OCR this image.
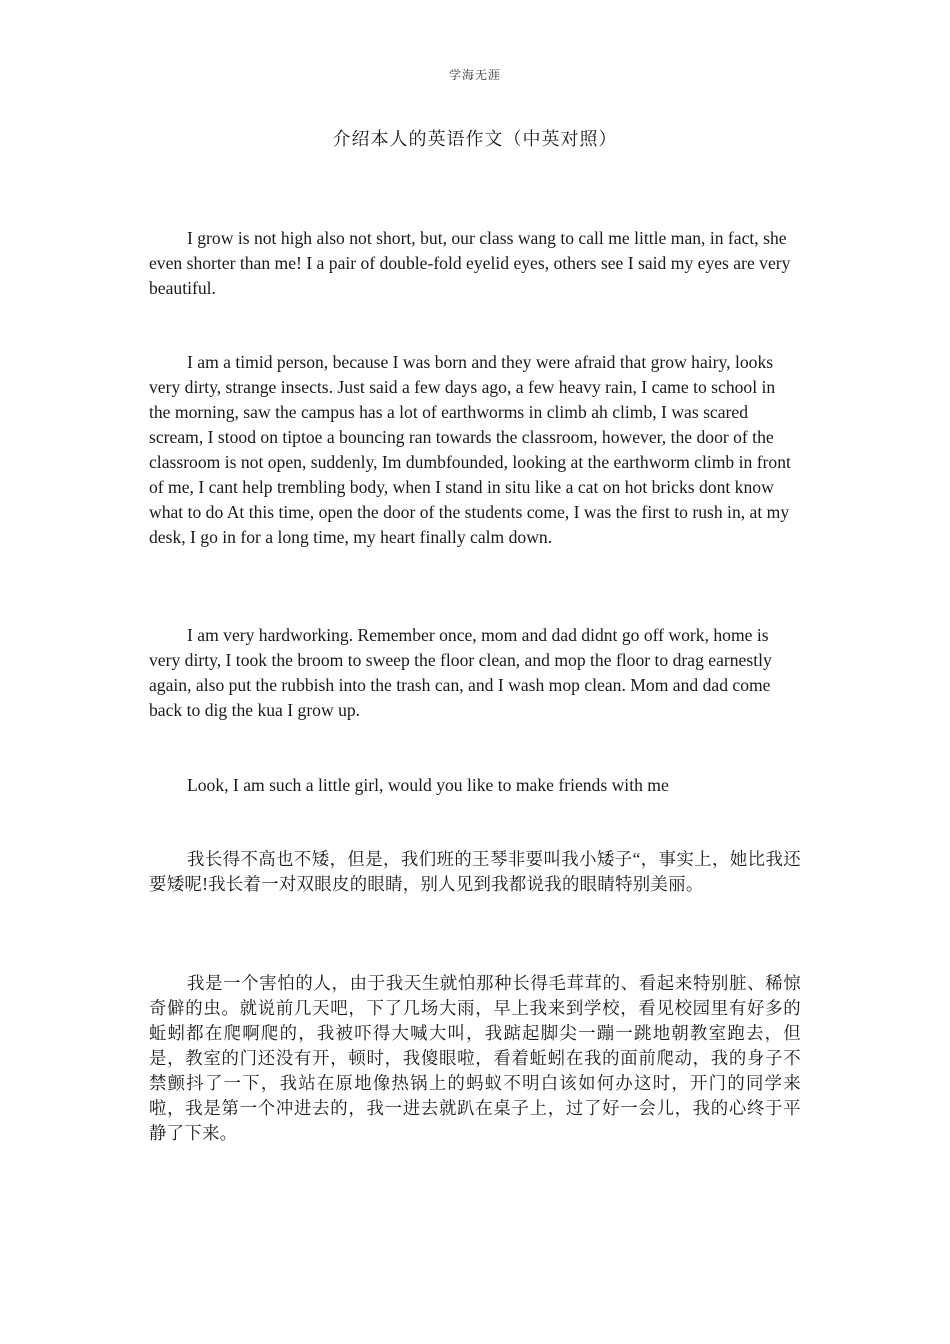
学海无涯
介绍本人的英语作文（中英对照）

I grow is not high also not short, but, our class wang to call me little man, in fact, she even shorter than me! I a pair of double-fold eyelid eyes, others see I said my eyes are very beautiful.

I am a timid person, because I was born and they were afraid that grow hairy, looks very dirty, strange insects. Just said a few days ago, a few heavy rain, I came to school in the morning, saw the campus has a lot of earthworms in climb ah climb, I was scared scream, I stood on tiptoe a bouncing ran towards the classroom, however, the door of the classroom is not open, suddenly, Im dumbfounded, looking at the earthworm climb in front of me, I cant help trembling body, when I stand in situ like a cat on hot bricks dont know what to do At this time, open the door of the students come, I was the first to rush in, at my desk, I go in for a long time, my heart finally calm down.

I am very hardworking. Remember once, mom and dad didnt go off work, home is very dirty, I took the broom to sweep the floor clean, and mop the floor to drag earnestly again, also put the rubbish into the trash can, and I wash mop clean. Mom and dad come back to dig the kua I grow up.

Look, I am such a little girl, would you like to make friends with me

我长得不高也不矮，但是，我们班的王琴非要叫我小矮子“，事实上，她比我还要矮呢!我长着一对双眼皮的眼睛，别人见到我都说我的眼睛特别美丽。

我是一个害怕的人，由于我天生就怕那种长得毛茸茸的、看起来特别脏、稀惊奇僻的虫。就说前几天吧，下了几场大雨，早上我来到学校，看见校园里有好多的蚯蚓都在爬啊爬的，我被吓得大喊大叫，我踮起脚尖一蹦一跳地朝教室跑去，但是，教室的门还没有开，顿时，我傻眼啦，看着蚯蚓在我的面前爬动，我的身子不禁颤抖了一下，我站在原地像热锅上的蚂蚁不明白该如何办这时，开门的同学来啦，我是第一个冲进去的，我一进去就趴在桌子上，过了好一会儿，我的心终于平静了下来。
